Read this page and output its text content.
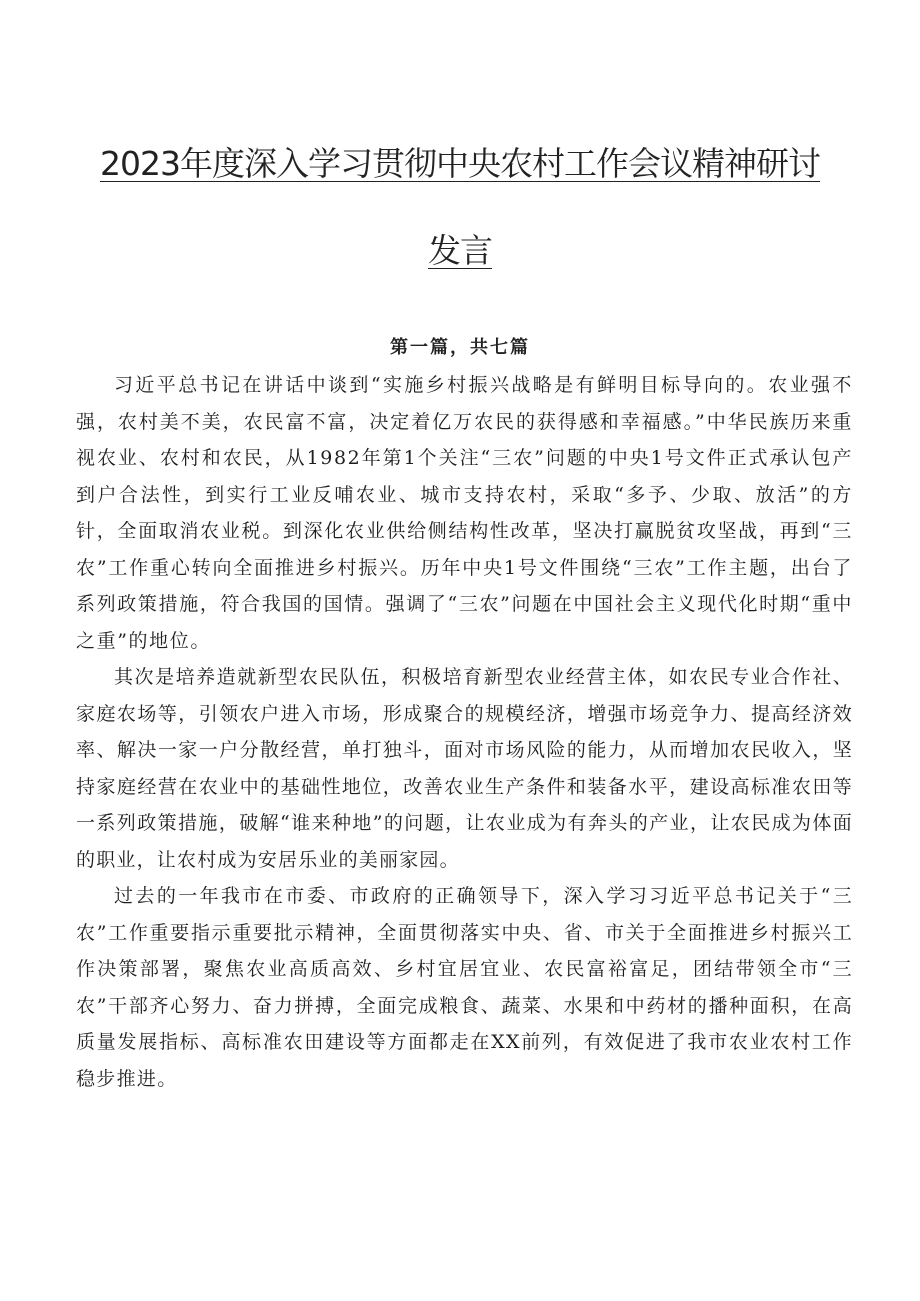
2023年度深入学习贯彻中央农村工作会议精神研讨
发言

第一篇，共七篇

习近平总书记在讲话中谈到“实施乡村振兴战略是有鲜明目标导向的。农业强不强，农村美不美，农民富不富，决定着亿万农民的获得感和幸福感。”中华民族历来重视农业、农村和农民，从1982年第1个关注“三农”问题的中央1号文件正式承认包产到户合法性，到实行工业反哺农业、城市支持农村，采取“多予、少取、放活”的方针，全面取消农业税。到深化农业供给侧结构性改革，坚决打赢脱贫攻坚战，再到“三农”工作重心转向全面推进乡村振兴。历年中央1号文件围绕“三农”工作主题，出台了系列政策措施，符合我国的国情。强调了“三农”问题在中国社会主义现代化时期“重中之重”的地位。

其次是培养造就新型农民队伍，积极培育新型农业经营主体，如农民专业合作社、家庭农场等，引领农户进入市场，形成聚合的规模经济，增强市场竞争力、提高经济效率、解决一家一户分散经营，单打独斗，面对市场风险的能力，从而增加农民收入，坚持家庭经营在农业中的基础性地位，改善农业生产条件和装备水平，建设高标准农田等一系列政策措施，破解“谁来种地”的问题，让农业成为有奔头的产业，让农民成为体面的职业，让农村成为安居乐业的美丽家园。

过去的一年我市在市委、市政府的正确领导下，深入学习习近平总书记关于“三农”工作重要指示重要批示精神，全面贯彻落实中央、省、市关于全面推进乡村振兴工作决策部署，聚焦农业高质高效、乡村宜居宜业、农民富裕富足，团结带领全市“三农”干部齐心努力、奋力拼搏，全面完成粮食、蔬菜、水果和中药材的播种面积，在高质量发展指标、高标准农田建设等方面都走在XX前列，有效促进了我市农业农村工作稳步推进。
